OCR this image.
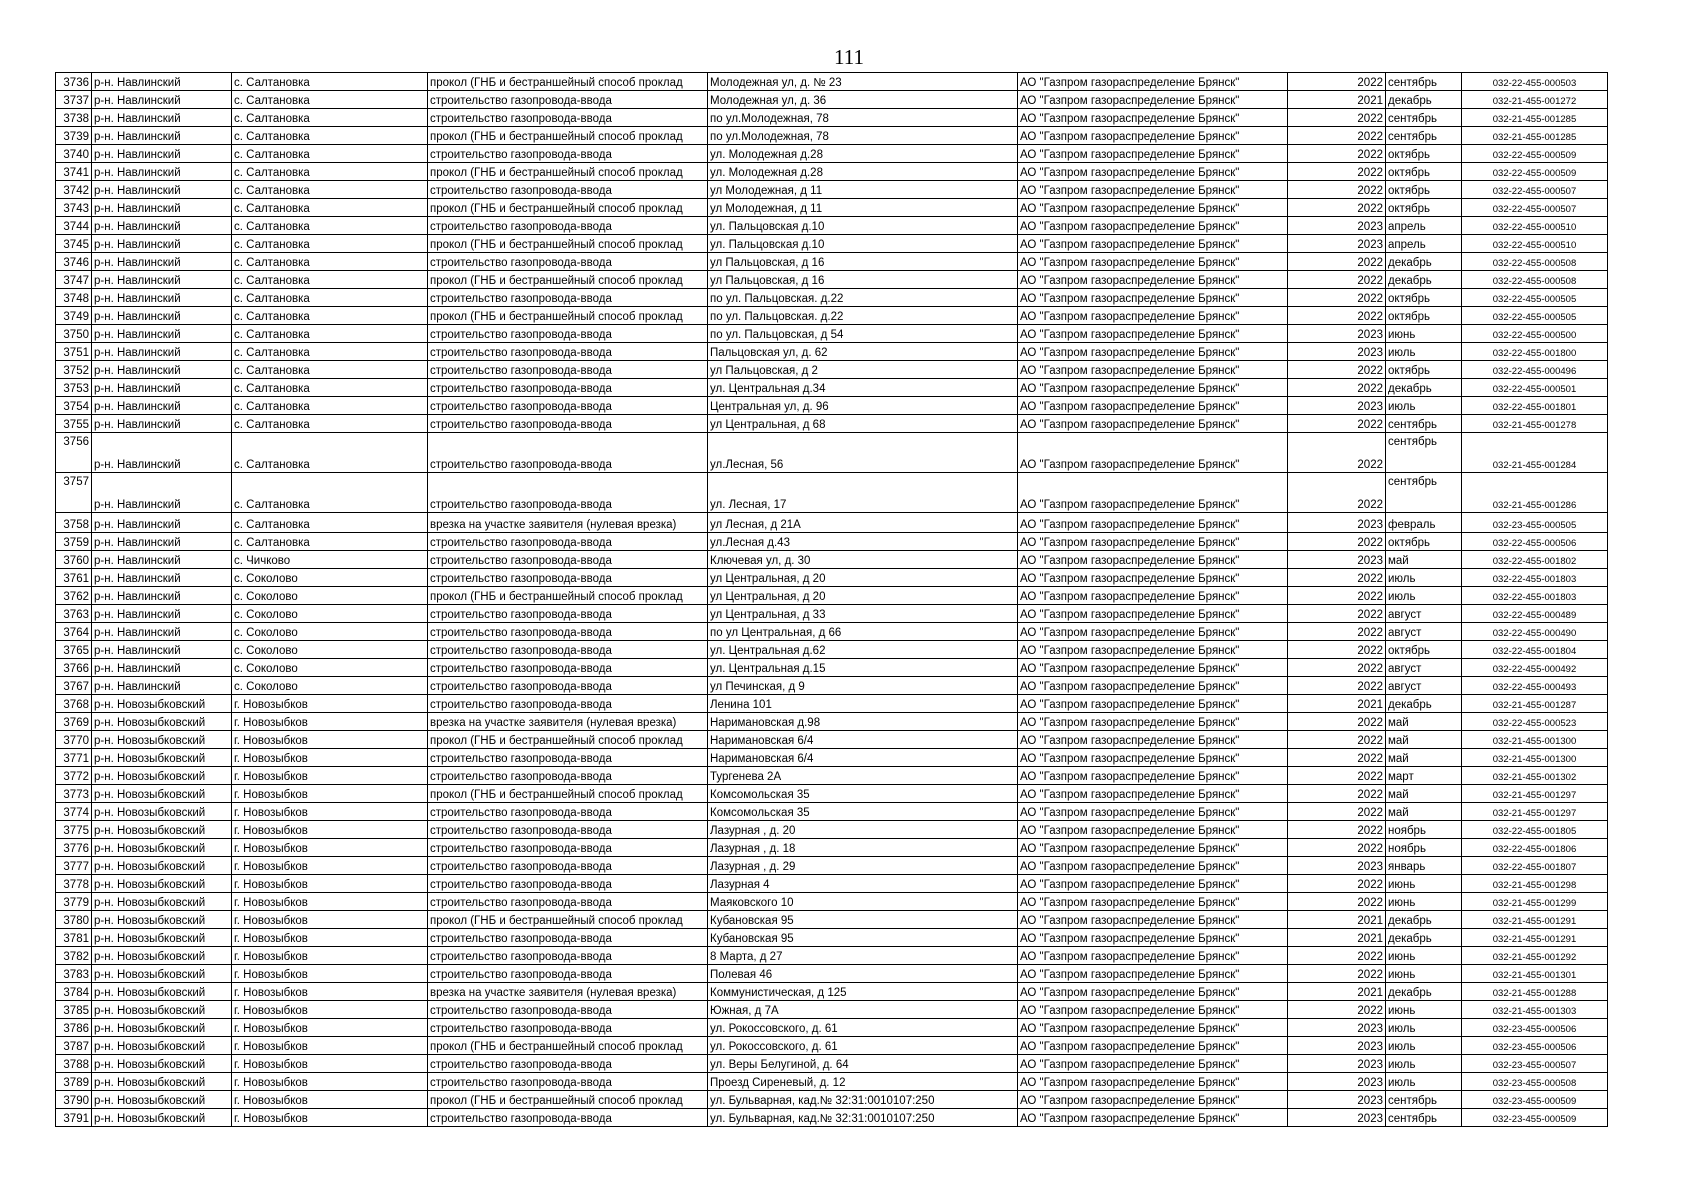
111
3736	р-н. Навлинский	с. Салтановка	прокол (ГНБ и бестраншейный способ проклад	Молодежная ул, д. № 23	АО "Газпром газораспределение Брянск"	2022	сентябрь	032-22-455-000503
3737	р-н. Навлинский	с. Салтановка	строительство газопровода-ввода	Молодежная ул, д. 36	АО "Газпром газораспределение Брянск"	2021	декабрь	032-21-455-001272
3738	р-н. Навлинский	с. Салтановка	строительство газопровода-ввода	по ул.Молодежная, 78	АО "Газпром газораспределение Брянск"	2022	сентябрь	032-21-455-001285
3739	р-н. Навлинский	с. Салтановка	прокол (ГНБ и бестраншейный способ проклад	по ул.Молодежная, 78	АО "Газпром газораспределение Брянск"	2022	сентябрь	032-21-455-001285
3740	р-н. Навлинский	с. Салтановка	строительство газопровода-ввода	ул. Молодежная д.28	АО "Газпром газораспределение Брянск"	2022	октябрь	032-22-455-000509
3741	р-н. Навлинский	с. Салтановка	прокол (ГНБ и бестраншейный способ проклад	ул. Молодежная д.28	АО "Газпром газораспределение Брянск"	2022	октябрь	032-22-455-000509
3742	р-н. Навлинский	с. Салтановка	строительство газопровода-ввода	ул Молодежная, д 11	АО "Газпром газораспределение Брянск"	2022	октябрь	032-22-455-000507
3743	р-н. Навлинский	с. Салтановка	прокол (ГНБ и бестраншейный способ проклад	ул Молодежная, д 11	АО "Газпром газораспределение Брянск"	2022	октябрь	032-22-455-000507
3744	р-н. Навлинский	с. Салтановка	строительство газопровода-ввода	ул. Пальцовская д.10	АО "Газпром газораспределение Брянск"	2023	апрель	032-22-455-000510
3745	р-н. Навлинский	с. Салтановка	прокол (ГНБ и бестраншейный способ проклад	ул. Пальцовская д.10	АО "Газпром газораспределение Брянск"	2023	апрель	032-22-455-000510
3746	р-н. Навлинский	с. Салтановка	строительство газопровода-ввода	ул Пальцовская, д 16	АО "Газпром газораспределение Брянск"	2022	декабрь	032-22-455-000508
3747	р-н. Навлинский	с. Салтановка	прокол (ГНБ и бестраншейный способ проклад	ул Пальцовская, д 16	АО "Газпром газораспределение Брянск"	2022	декабрь	032-22-455-000508
3748	р-н. Навлинский	с. Салтановка	строительство газопровода-ввода	по ул. Пальцовская. д.22	АО "Газпром газораспределение Брянск"	2022	октябрь	032-22-455-000505
3749	р-н. Навлинский	с. Салтановка	прокол (ГНБ и бестраншейный способ проклад	по ул. Пальцовская. д.22	АО "Газпром газораспределение Брянск"	2022	октябрь	032-22-455-000505
3750	р-н. Навлинский	с. Салтановка	строительство газопровода-ввода	по ул. Пальцовская, д 54	АО "Газпром газораспределение Брянск"	2023	июнь	032-22-455-000500
3751	р-н. Навлинский	с. Салтановка	строительство газопровода-ввода	Пальцовская ул, д. 62	АО "Газпром газораспределение Брянск"	2023	июль	032-22-455-001800
3752	р-н. Навлинский	с. Салтановка	строительство газопровода-ввода	ул Пальцовская, д 2	АО "Газпром газораспределение Брянск"	2022	октябрь	032-22-455-000496
3753	р-н. Навлинский	с. Салтановка	строительство газопровода-ввода	ул. Центральная д.34	АО "Газпром газораспределение Брянск"	2022	декабрь	032-22-455-000501
3754	р-н. Навлинский	с. Салтановка	строительство газопровода-ввода	Центральная ул, д. 96	АО "Газпром газораспределение Брянск"	2023	июль	032-22-455-001801
3755	р-н. Навлинский	с. Салтановка	строительство газопровода-ввода	ул Центральная, д 68	АО "Газпром газораспределение Брянск"	2022	сентябрь	032-21-455-001278
3756	р-н. Навлинский	с. Салтановка	строительство газопровода-ввода	ул.Лесная, 56	АО "Газпром газораспределение Брянск"	2022	сентябрь	032-21-455-001284
3757	р-н. Навлинский	с. Салтановка	строительство газопровода-ввода	ул. Лесная, 17	АО "Газпром газораспределение Брянск"	2022	сентябрь	032-21-455-001286
3758	р-н. Навлинский	с. Салтановка	врезка на участке заявителя (нулевая врезка)	ул Лесная, д 21А	АО "Газпром газораспределение Брянск"	2023	февраль	032-23-455-000505
3759	р-н. Навлинский	с. Салтановка	строительство газопровода-ввода	ул.Лесная д.43	АО "Газпром газораспределение Брянск"	2022	октябрь	032-22-455-000506
3760	р-н. Навлинский	с. Чичково	строительство газопровода-ввода	Ключевая ул, д. 30	АО "Газпром газораспределение Брянск"	2023	май	032-22-455-001802
3761	р-н. Навлинский	с. Соколово	строительство газопровода-ввода	ул Центральная, д 20	АО "Газпром газораспределение Брянск"	2022	июль	032-22-455-001803
3762	р-н. Навлинский	с. Соколово	прокол (ГНБ и бестраншейный способ проклад	ул Центральная, д 20	АО "Газпром газораспределение Брянск"	2022	июль	032-22-455-001803
3763	р-н. Навлинский	с. Соколово	строительство газопровода-ввода	ул Центральная, д 33	АО "Газпром газораспределение Брянск"	2022	август	032-22-455-000489
3764	р-н. Навлинский	с. Соколово	строительство газопровода-ввода	по ул Центральная, д 66	АО "Газпром газораспределение Брянск"	2022	август	032-22-455-000490
3765	р-н. Навлинский	с. Соколово	строительство газопровода-ввода	ул. Центральная д.62	АО "Газпром газораспределение Брянск"	2022	октябрь	032-22-455-001804
3766	р-н. Навлинский	с. Соколово	строительство газопровода-ввода	ул. Центральная д.15	АО "Газпром газораспределение Брянск"	2022	август	032-22-455-000492
3767	р-н. Навлинский	с. Соколово	строительство газопровода-ввода	ул Печинская, д 9	АО "Газпром газораспределение Брянск"	2022	август	032-22-455-000493
3768	р-н. Новозыбковский	г. Новозыбков	строительство газопровода-ввода	Ленина 101	АО "Газпром газораспределение Брянск"	2021	декабрь	032-21-455-001287
3769	р-н. Новозыбковский	г. Новозыбков	врезка на участке заявителя (нулевая врезка)	Наримановская д.98	АО "Газпром газораспределение Брянск"	2022	май	032-22-455-000523
3770	р-н. Новозыбковский	г. Новозыбков	прокол (ГНБ и бестраншейный способ проклад	Наримановская 6/4	АО "Газпром газораспределение Брянск"	2022	май	032-21-455-001300
3771	р-н. Новозыбковский	г. Новозыбков	строительство газопровода-ввода	Наримановская 6/4	АО "Газпром газораспределение Брянск"	2022	май	032-21-455-001300
3772	р-н. Новозыбковский	г. Новозыбков	строительство газопровода-ввода	Тургенева 2А	АО "Газпром газораспределение Брянск"	2022	март	032-21-455-001302
3773	р-н. Новозыбковский	г. Новозыбков	прокол (ГНБ и бестраншейный способ проклад	Комсомольская 35	АО "Газпром газораспределение Брянск"	2022	май	032-21-455-001297
3774	р-н. Новозыбковский	г. Новозыбков	строительство газопровода-ввода	Комсомольская 35	АО "Газпром газораспределение Брянск"	2022	май	032-21-455-001297
3775	р-н. Новозыбковский	г. Новозыбков	строительство газопровода-ввода	Лазурная , д. 20	АО "Газпром газораспределение Брянск"	2022	ноябрь	032-22-455-001805
3776	р-н. Новозыбковский	г. Новозыбков	строительство газопровода-ввода	Лазурная , д. 18	АО "Газпром газораспределение Брянск"	2022	ноябрь	032-22-455-001806
3777	р-н. Новозыбковский	г. Новозыбков	строительство газопровода-ввода	Лазурная , д. 29	АО "Газпром газораспределение Брянск"	2023	январь	032-22-455-001807
3778	р-н. Новозыбковский	г. Новозыбков	строительство газопровода-ввода	Лазурная 4	АО "Газпром газораспределение Брянск"	2022	июнь	032-21-455-001298
3779	р-н. Новозыбковский	г. Новозыбков	строительство газопровода-ввода	Маяковского 10	АО "Газпром газораспределение Брянск"	2022	июнь	032-21-455-001299
3780	р-н. Новозыбковский	г. Новозыбков	прокол (ГНБ и бестраншейный способ проклад	Кубановская 95	АО "Газпром газораспределение Брянск"	2021	декабрь	032-21-455-001291
3781	р-н. Новозыбковский	г. Новозыбков	строительство газопровода-ввода	Кубановская 95	АО "Газпром газораспределение Брянск"	2021	декабрь	032-21-455-001291
3782	р-н. Новозыбковский	г. Новозыбков	строительство газопровода-ввода	8 Марта, д 27	АО "Газпром газораспределение Брянск"	2022	июнь	032-21-455-001292
3783	р-н. Новозыбковский	г. Новозыбков	строительство газопровода-ввода	Полевая 46	АО "Газпром газораспределение Брянск"	2022	июнь	032-21-455-001301
3784	р-н. Новозыбковский	г. Новозыбков	врезка на участке заявителя (нулевая врезка)	Коммунистическая, д 125	АО "Газпром газораспределение Брянск"	2021	декабрь	032-21-455-001288
3785	р-н. Новозыбковский	г. Новозыбков	строительство газопровода-ввода	Южная, д 7А	АО "Газпром газораспределение Брянск"	2022	июнь	032-21-455-001303
3786	р-н. Новозыбковский	г. Новозыбков	строительство газопровода-ввода	ул. Рокоссовского, д. 61	АО "Газпром газораспределение Брянск"	2023	июль	032-23-455-000506
3787	р-н. Новозыбковский	г. Новозыбков	прокол (ГНБ и бестраншейный способ проклад	ул. Рокоссовского, д. 61	АО "Газпром газораспределение Брянск"	2023	июль	032-23-455-000506
3788	р-н. Новозыбковский	г. Новозыбков	строительство газопровода-ввода	ул. Веры Белугиной, д. 64	АО "Газпром газораспределение Брянск"	2023	июль	032-23-455-000507
3789	р-н. Новозыбковский	г. Новозыбков	строительство газопровода-ввода	Проезд Сиреневый, д. 12	АО "Газпром газораспределение Брянск"	2023	июль	032-23-455-000508
3790	р-н. Новозыбковский	г. Новозыбков	прокол (ГНБ и бестраншейный способ проклад	ул. Бульварная, кад.№ 32:31:0010107:250	АО "Газпром газораспределение Брянск"	2023	сентябрь	032-23-455-000509
3791	р-н. Новозыбковский	г. Новозыбков	строительство газопровода-ввода	ул. Бульварная, кад.№ 32:31:0010107:250	АО "Газпром газораспределение Брянск"	2023	сентябрь	032-23-455-000509
